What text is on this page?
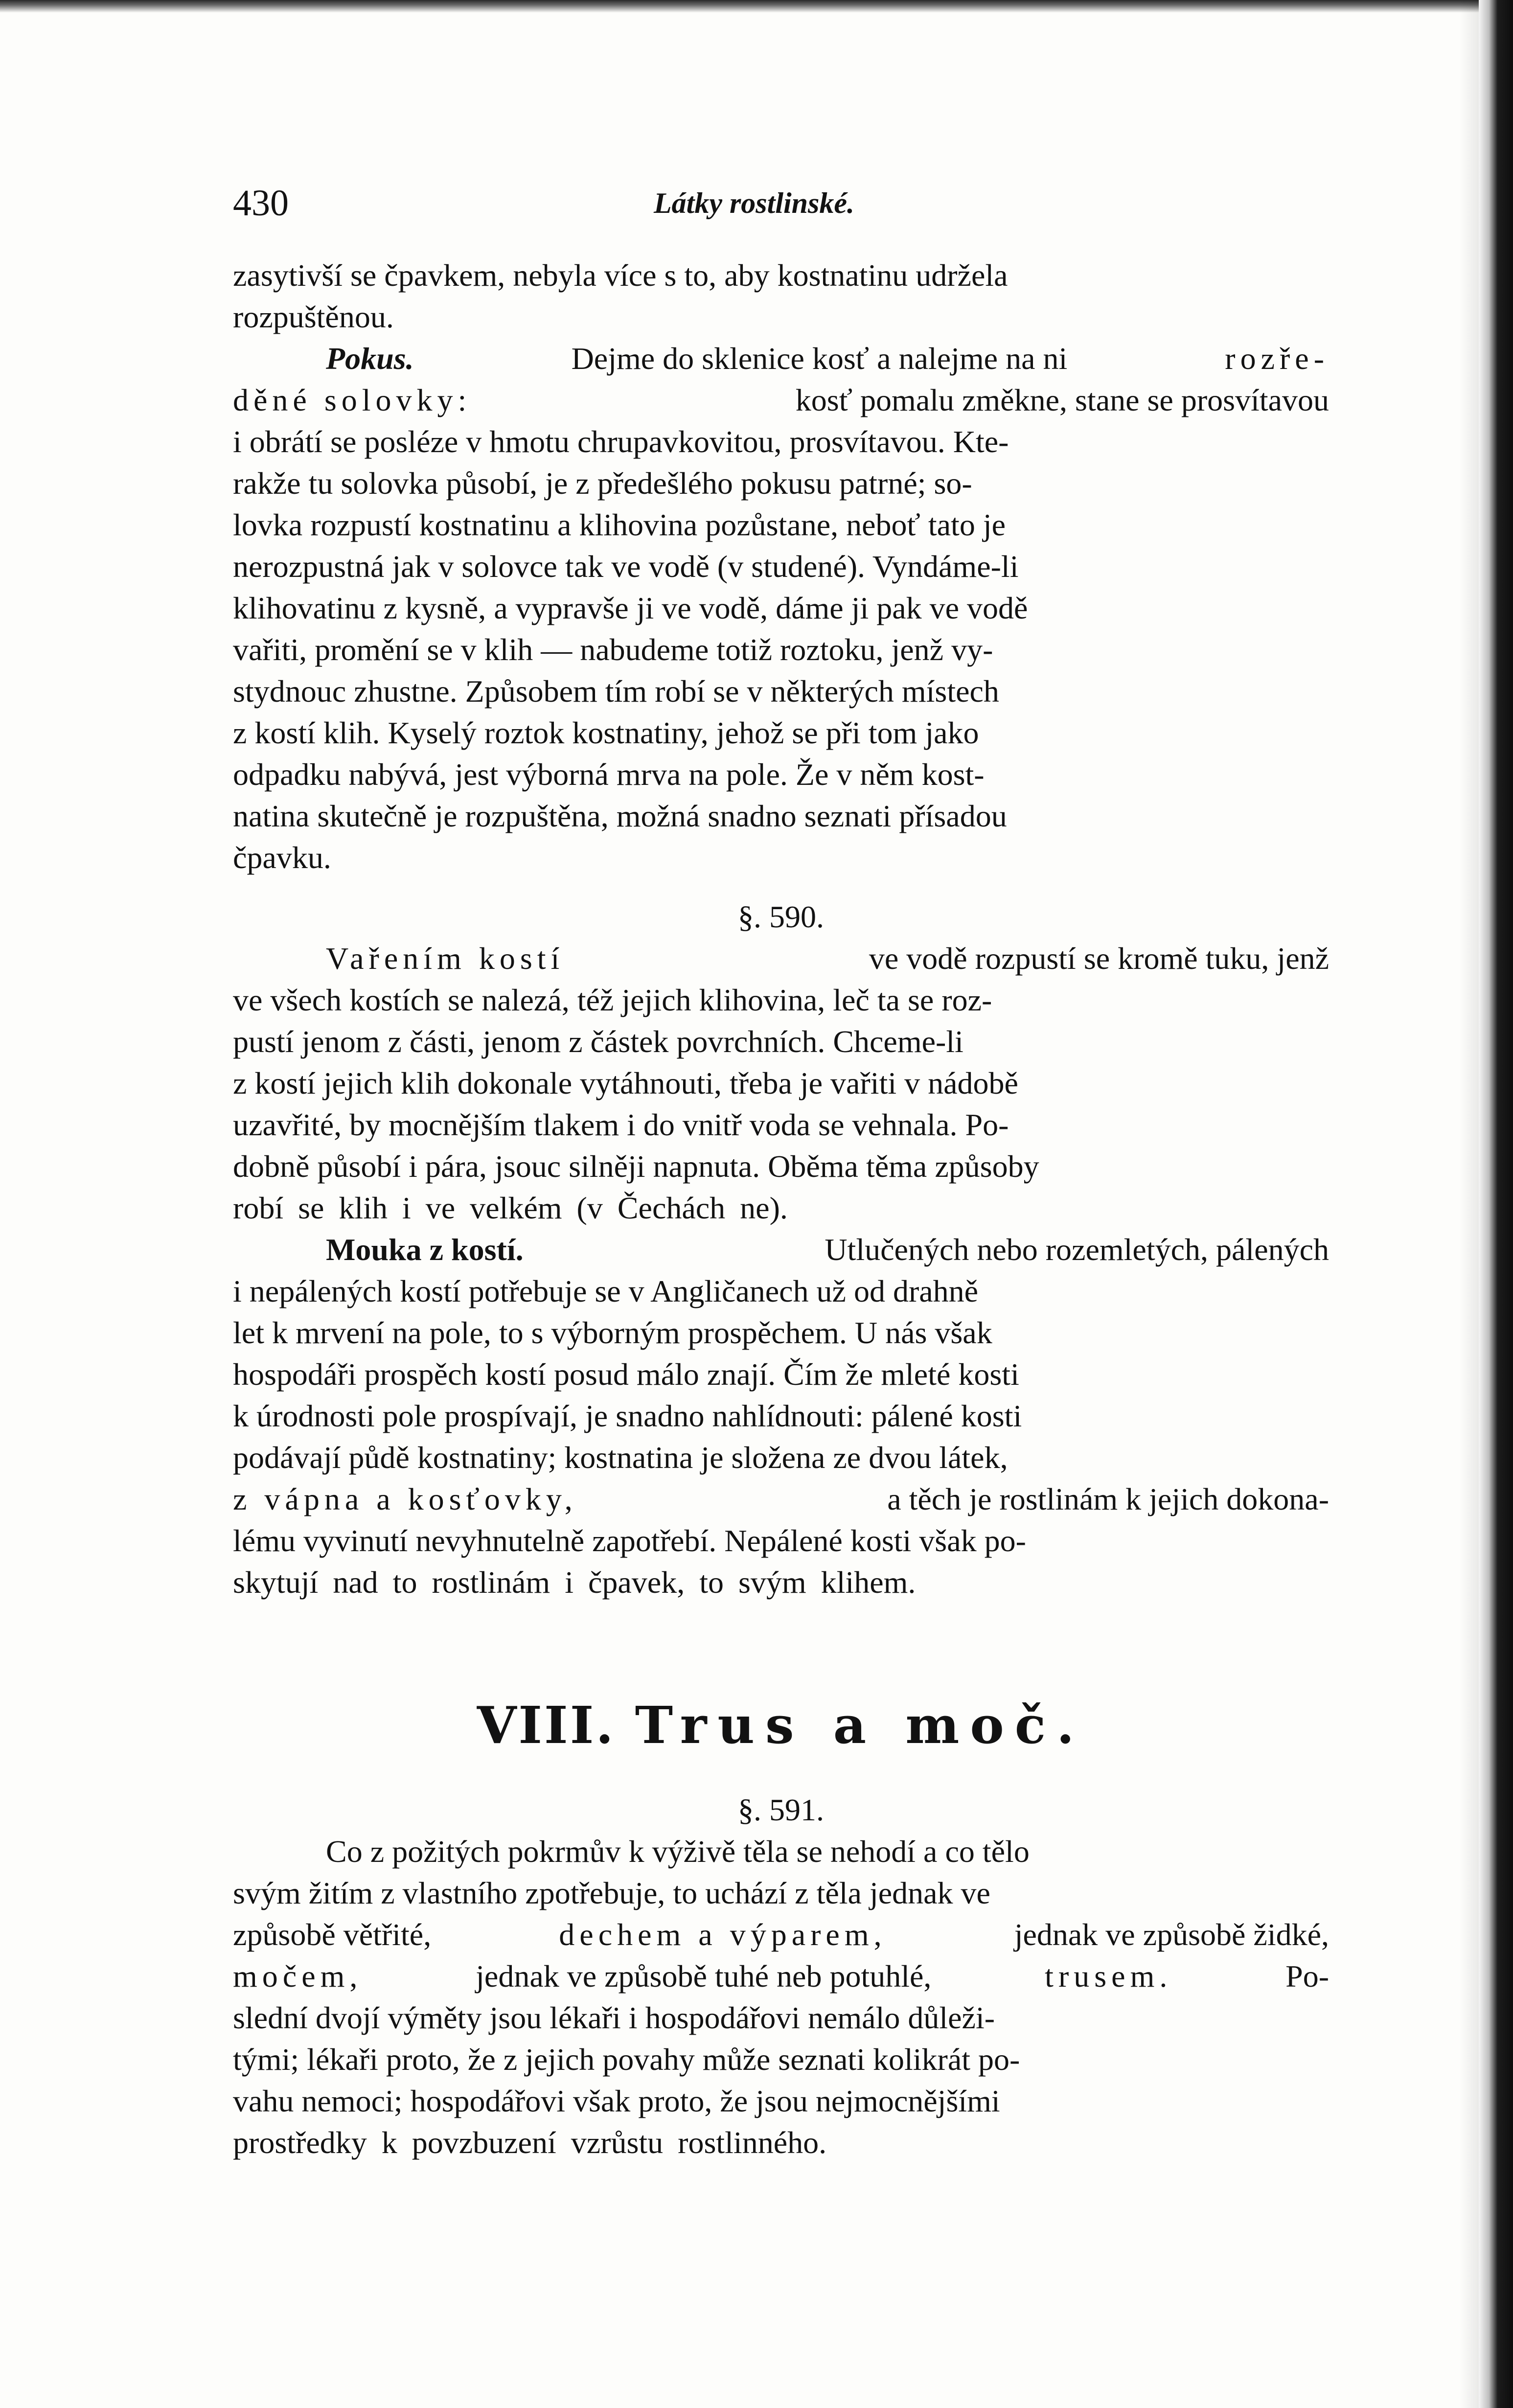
430	Látky rostlinské.
zasytivší se čpavkem, nebyla více s to, aby kostnatinu udržela
rozpuštěnou.
Pokus.	Dejme do sklenice kosť a nalejme na ni	rozře-
děné solovky:	kosť pomalu změkne, stane se prosvítavou
i obrátí se posléze v hmotu chrupavkovitou, prosvítavou. Kte-
rakže tu solovka působí, je z předešlého pokusu patrné; so-
lovka rozpustí kostnatinu a klihovina pozůstane, neboť tato je
nerozpustná jak v solovce tak ve vodě (v studené). Vyndáme-li
klihovatinu z kysně, a vypravše ji ve vodě, dáme ji pak ve vodě
vařiti, promění se v klih — nabudeme totiž roztoku, jenž vy-
stydnouc zhustne. Způsobem tím robí se v některých místech
z kostí klih. Kyselý roztok kostnatiny, jehož se při tom jako
odpadku nabývá, jest výborná mrva na pole. Že v něm kost-
natina skutečně je rozpuštěna, možná snadno seznati přísadou
čpavku.
§. 590.
Vařením kostí	ve vodě rozpustí se kromě tuku, jenž
ve všech kostích se nalezá, též jejich klihovina, leč ta se roz-
pustí jenom z části, jenom z částek povrchních. Chceme-li
z kostí jejich klih dokonale vytáhnouti, třeba je vařiti v nádobě
uzavřité, by mocnějším tlakem i do vnitř voda se vehnala. Po-
dobně působí i pára, jsouc silněji napnuta. Oběma těma způsoby
robí se klih i ve velkém (v Čechách ne).
Mouka z kostí.	Utlučených nebo rozemletých, pálených
i nepálených kostí potřebuje se v Angličanech už od drahně
let k mrvení na pole, to s výborným prospěchem. U nás však
hospodáři prospěch kostí posud málo znají. Čím že mleté kosti
k úrodnosti pole prospívají, je snadno nahlídnouti: pálené kosti
podávají půdě kostnatiny; kostnatina je složena ze dvou látek,
z vápna a kosťovky,	a těch je rostlinám k jejich dokona-
lému vyvinutí nevyhnutelně zapotřebí. Nepálené kosti však po-
skytují nad to rostlinám i čpavek, to svým klihem.
VIII. Trus a moč.
§. 591.
Co z požitých pokrmův k výživě těla se nehodí a co tělo
svým žitím z vlastního zpotřebuje, to uchází z těla jednak ve
způsobě větřité,	dechem a výparem,	jednak ve způsobě židké,
močem,	jednak ve způsobě tuhé neb potuhlé,	trusem.	Po-
slední dvojí výměty jsou lékaři i hospodářovi nemálo důleži-
tými; lékaři proto, že z jejich povahy může seznati kolikrát po-
vahu nemoci; hospodářovi však proto, že jsou nejmocnějšími
prostředky k povzbuzení vzrůstu rostlinného.
